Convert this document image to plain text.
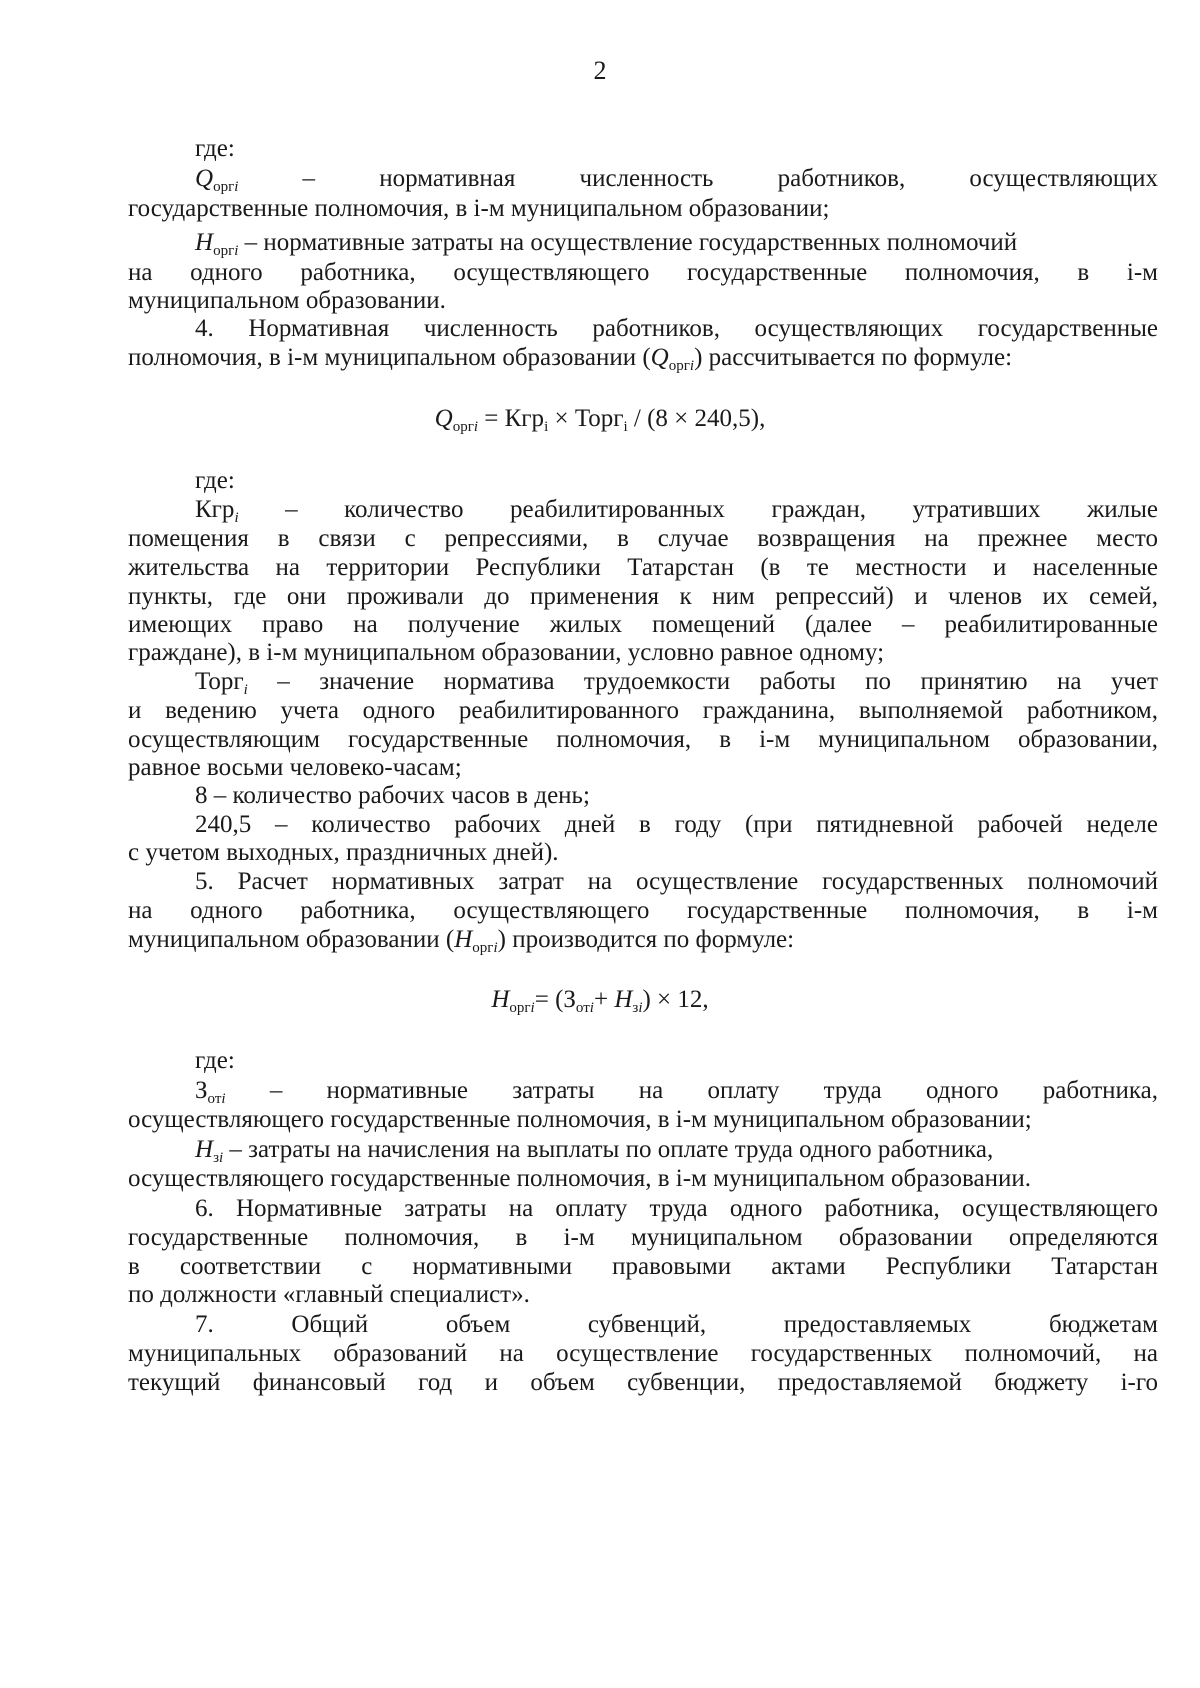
2
где:
$Q_{оргi}$	– нормативная численность работников, осуществляющих
государственные полномочия, в i-м муниципальном образовании;
$H_{оргi}$ – нормативные затраты на осуществление государственных полномочий
на одного работника, осуществляющего государственные полномочия, в i-м
муниципальном образовании.
4. Нормативная численность работников, осуществляющих государственные
полномочия, в i-м муниципальном образовании $(Q_{оргi})$ рассчитывается по формуле:
$Q_{оргi} = Кгр_i$ × Торг$_i$ / (8 × 240,5),
где:
Кгр$_i$ – количество реабилитированных граждан, утративших жилые
помещения в связи с репрессиями, в случае возвращения на прежнее место
жительства на территории Республики Татарстан (в те местности и населенные
пункты, где они проживали до применения к ним репрессий) и членов их семей,
имеющих право на получение жилых помещений (далее – реабилитированные
граждане), в i-м муниципальном образовании, условно равное одному;
Торг$_i$ – значение норматива трудоемкости работы по принятию на учет
и ведению учета одного реабилитированного гражданина, выполняемой работником,
осуществляющим государственные полномочия, в i-м муниципальном образовании,
равное восьми человеко-часам;
8 – количество рабочих часов в день;
240,5 – количество рабочих дней в году (при пятидневной рабочей неделе
с учетом выходных, праздничных дней).
5. Расчет нормативных затрат на осуществление государственных полномочий
на одного работника, осуществляющего государственные полномочия, в i-м
муниципальном образовании $(H_{оргi})$ производится по формуле:
$H_{оргi}= (З_{отi}+ H_{зi}) \times 12$,
где:
$З_{отi}$ – нормативные затраты на оплату труда одного работника,
осуществляющего государственные полномочия, в i-м муниципальном образовании;
$H_{зi}$ – затраты на начисления на выплаты по оплате труда одного работника,
осуществляющего государственные полномочия, в i-м муниципальном образовании.
6. Нормативные затраты на оплату труда одного работника, осуществляющего
государственные полномочия, в i-м муниципальном образовании определяются
в соответствии с нормативными правовыми актами Республики Татарстан
по должности «главный специалист».
7. Общий объем субвенций, предоставляемых бюджетам
муниципальных образований на осуществление государственных полномочий, на
текущий финансовый год и объем субвенции, предоставляемой бюджету i-го
